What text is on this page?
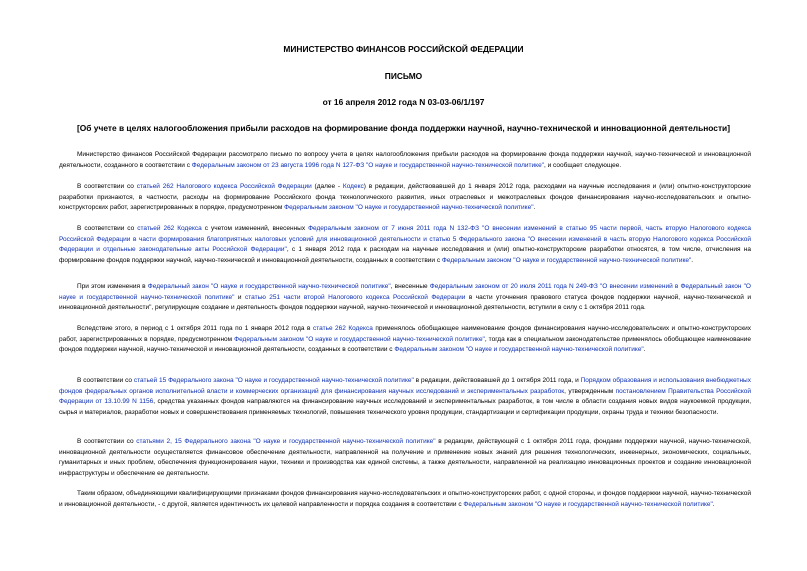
МИНИСТЕРСТВО ФИНАНСОВ РОССИЙСКОЙ ФЕДЕРАЦИИ
ПИСЬМО
от 16 апреля 2012 года N 03-03-06/1/197
[Об учете в целях налогообложения прибыли расходов на формирование фонда поддержки научной, научно-технической и инновационной деятельности]

Министерство финансов Российской Федерации рассмотрело письмо по вопросу учета в целях налогообложения прибыли расходов на формирование фонда поддержки научной, научно-технической и инновационной деятельности, созданного в соответствии с Федеральным законом от 23 августа 1996 года N 127-ФЗ "О науке и государственной научно-технической политике", и сообщает следующее.

В соответствии со статьей 262 Налогового кодекса Российской Федерации (далее - Кодекс) в редакции, действовавшей до 1 января 2012 года, расходами на научные исследования и (или) опытно-конструкторские разработки признаются, в частности, расходы на формирование Российского фонда технологического развития, иных отраслевых и межотраслевых фондов финансирования научно-исследовательских и опытно-конструкторских работ, зарегистрированных в порядке, предусмотренном Федеральным законом "О науке и государственной научно-технической политике".

В соответствии со статьей 262 Кодекса с учетом изменений, внесенных Федеральным законом от 7 июня 2011 года N 132-ФЗ "О внесении изменений в статью 95 части первой, часть вторую Налогового кодекса Российской Федерации в части формирования благоприятных налоговых условий для инновационной деятельности и статью 5 Федерального закона "О внесении изменений в часть вторую Налогового кодекса Российской Федерации и отдельные законодательные акты Российской Федерации", с 1 января 2012 года к расходам на научные исследования и (или) опытно-конструкторские разработки относятся, в том числе, отчисления на формирование фондов поддержки научной, научно-технической и инновационной деятельности, созданных в соответствии с Федеральным законом "О науке и государственной научно-технической политике".

При этом изменения в Федеральный закон "О науке и государственной научно-технической политике", внесенные Федеральным законом от 20 июля 2011 года N 249-ФЗ "О внесении изменений в Федеральный закон "О науке и государственной научно-технической политике" и статью 251 части второй Налогового кодекса Российской Федерации в части уточнения правового статуса фондов поддержки научной, научно-технической и инновационной деятельности", регулирующие создание и деятельность фондов поддержки научной, научно-технической и инновационной деятельности, вступили в силу с 1 октября 2011 года.

Вследствие этого, в период с 1 октября 2011 года по 1 января 2012 года в статье 262 Кодекса применялось обобщающее наименование фондов финансирования научно-исследовательских и опытно-конструкторских работ, зарегистрированных в порядке, предусмотренном Федеральным законом "О науке и государственной научно-технической политике", тогда как в специальном законодательстве применялось обобщающее наименование фондов поддержки научной, научно-технической и инновационной деятельности, созданных в соответствии с Федеральным законом "О науке и государственной научно-технической политике".

В соответствии со статьей 15 Федерального закона "О науке и государственной научно-технической политике" в редакции, действовавшей до 1 октября 2011 года, и Порядком образования и использования внебюджетных фондов федеральных органов исполнительной власти и коммерческих организаций для финансирования научных исследований и экспериментальных разработок, утвержденным постановлением Правительства Российской Федерации от 13.10.99 N 1156, средства указанных фондов направляются на финансирование научных исследований и экспериментальных разработок, в том числе в области создания новых видов наукоемкой продукции, сырья и материалов, разработки новых и совершенствования применяемых технологий, повышения технического уровня продукции, стандартизации и сертификации продукции, охраны труда и техники безопасности.

В соответствии со статьями 2, 15 Федерального закона "О науке и государственной научно-технической политике" в редакции, действующей с 1 октября 2011 года, фондами поддержки научной, научно-технической, инновационной деятельности осуществляется финансовое обеспечение деятельности, направленной на получение и применение новых знаний для решения технологических, инженерных, экономических, социальных, гуманитарных и иных проблем, обеспечения функционирования науки, техники и производства как единой системы, а также деятельности, направленной на реализацию инновационных проектов и создание инновационной инфраструктуры и обеспечение ее деятельности.

Таким образом, объединяющими квалифицирующими признаками фондов финансирования научно-исследовательских и опытно-конструкторских работ, с одной стороны, и фондов поддержки научной, научно-технической и инновационной деятельности, - с другой, является идентичность их целевой направленности и порядка создания в соответствии с Федеральным законом "О науке и государственной научно-технической политике".
